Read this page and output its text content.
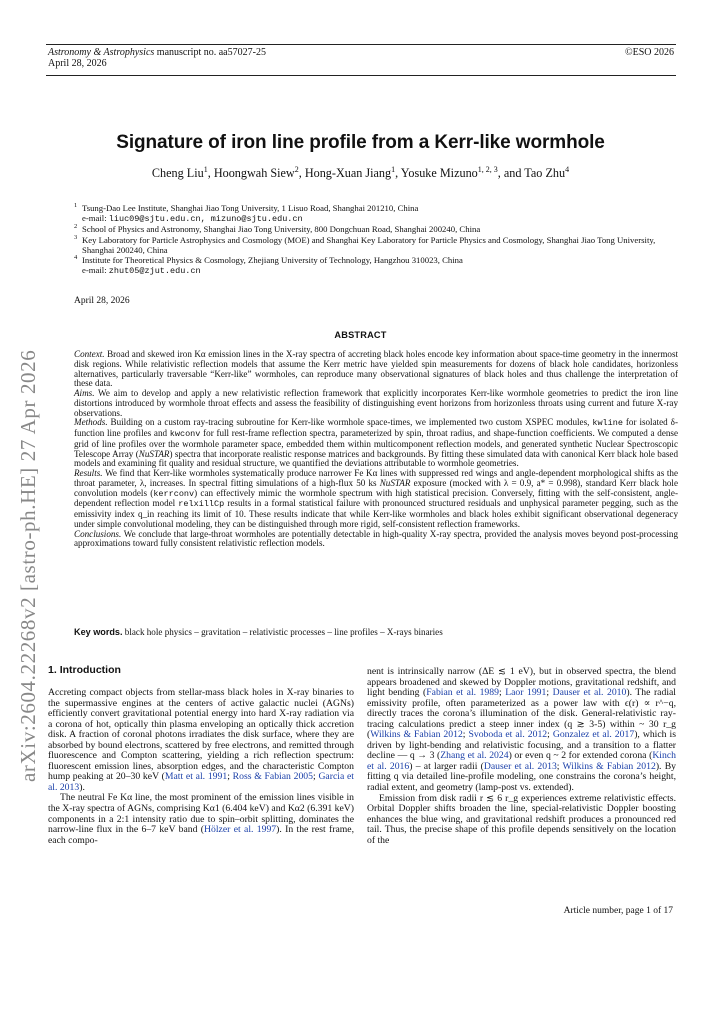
arXiv:2604.22268v2 [astro-ph.HE] 27 Apr 2026
Astronomy & Astrophysics manuscript no. aa57027-25
April 28, 2026
©ESO 2026
Signature of iron line profile from a Kerr-like wormhole
Cheng Liu$^1$, Hoongwah Siew$^2$, Hong-Xuan Jiang$^1$, Yosuke Mizuno$^{1, 2, 3}$, and Tao Zhu$^4$
1 Tsung-Dao Lee Institute, Shanghai Jiao Tong University, 1 Lisuo Road, Shanghai 201210, China
e-mail: liuc09@sjtu.edu.cn, mizuno@sjtu.edu.cn
2 School of Physics and Astronomy, Shanghai Jiao Tong University, 800 Dongchuan Road, Shanghai 200240, China
3 Key Laboratory for Particle Astrophysics and Cosmology (MOE) and Shanghai Key Laboratory for Particle Physics and Cosmology, Shanghai Jiao Tong University, Shanghai 200240, China
4 Institute for Theoretical Physics & Cosmology, Zhejiang University of Technology, Hangzhou 310023, China
e-mail: zhut05@zjut.edu.cn
April 28, 2026
ABSTRACT

Context. Broad and skewed iron Kα emission lines in the X-ray spectra of accreting black holes encode key information about space-time geometry in the innermost disk regions. While relativistic reflection models that assume the Kerr metric have yielded spin measurements for dozens of black hole candidates, horizonless alternatives, particularly traversable “Kerr-like” wormholes, can reproduce many observational signatures of black holes and thus challenge the interpretation of these data.

Aims. We aim to develop and apply a new relativistic reflection framework that explicitly incorporates Kerr-like wormhole geometries to predict the iron line distortions introduced by wormhole throat effects and assess the feasibility of distinguishing event horizons from horizonless throats using current and future X-ray observations.

Methods. Building on a custom ray-tracing subroutine for Kerr-like wormhole space-times, we implemented two custom XSPEC modules, kwline for isolated δ-function line profiles and kwconv for full rest-frame reflection spectra, parameterized by spin, throat radius, and shape-function coefficients. We computed a dense grid of line profiles over the wormhole parameter space, embedded them within multicomponent reflection models, and generated synthetic Nuclear Spectroscopic Telescope Array (NuSTAR) spectra that incorporate realistic response matrices and backgrounds. By fitting these simulated data with canonical Kerr black hole based models and examining fit quality and residual structure, we quantified the deviations attributable to wormhole geometries.

Results. We find that Kerr-like wormholes systematically produce narrower Fe Kα lines with suppressed red wings and angle-dependent morphological shifts as the throat parameter, λ, increases. In spectral fitting simulations of a high-flux 50 ks NuSTAR exposure (mocked with λ = 0.9, a* = 0.998), standard Kerr black hole convolution models (kerrconv) can effectively mimic the wormhole spectrum with high statistical precision. Conversely, fitting with the self-consistent, angle-dependent reflection model relxillCp results in a formal statistical failure with pronounced structured residuals and unphysical parameter pegging, such as the emissivity index q_in reaching its limit of 10. These results indicate that while Kerr-like wormholes and black holes exhibit significant observational degeneracy under simple convolutional modeling, they can be distinguished through more rigid, self-consistent reflection frameworks.

Conclusions. We conclude that large-throat wormholes are potentially detectable in high-quality X-ray spectra, provided the analysis moves beyond post-processing approximations toward fully consistent relativistic reflection models.

Key words. black hole physics – gravitation – relativistic processes – line profiles – X-rays binaries
1. Introduction

Accreting compact objects from stellar-mass black holes in X-ray binaries to the supermassive engines at the centers of active galactic nuclei (AGNs) efficiently convert gravitational potential energy into hard X-ray radiation via a corona of hot, optically thin plasma enveloping an optically thick accretion disk. A fraction of coronal photons irradiates the disk surface, where they are absorbed by bound electrons, scattered by free electrons, and remitted through fluorescence and Compton scattering, yielding a rich reflection spectrum: fluorescent emission lines, absorption edges, and the characteristic Compton hump peaking at 20–30 keV (Matt et al. 1991; Ross & Fabian 2005; Garcia et al. 2013).

The neutral Fe Kα line, the most prominent of the emission lines visible in the X-ray spectra of AGNs, comprising Kα1 (6.404 keV) and Kα2 (6.391 keV) components in a 2:1 intensity ratio due to spin–orbit splitting, dominates the narrow-line flux in the 6–7 keV band (Hölzer et al. 1997). In the rest frame, each compo-

nent is intrinsically narrow (ΔE ≲ 1 eV), but in observed spectra, the blend appears broadened and skewed by Doppler motions, gravitational redshift, and light bending (Fabian et al. 1989; Laor 1991; Dauser et al. 2010). The radial emissivity profile, often parameterized as a power law with ϵ(r) ∝ r^−q, directly traces the corona’s illumination of the disk. General-relativistic ray-tracing calculations predict a steep inner index (q ≳ 3-5) within ~ 30 r_g (Wilkins & Fabian 2012; Svoboda et al. 2012; Gonzalez et al. 2017), which is driven by light-bending and relativistic focusing, and a transition to a flatter decline — q → 3 (Zhang et al. 2024) or even q ~ 2 for extended corona (Kinch et al. 2016) – at larger radii (Dauser et al. 2013; Wilkins & Fabian 2012). By fitting q via detailed line-profile modeling, one constrains the corona’s height, radial extent, and geometry (lamp-post vs. extended).

Emission from disk radii r ≲ 6 r_g experiences extreme relativistic effects. Orbital Doppler shifts broaden the line, special-relativistic Doppler boosting enhances the blue wing, and gravitational redshift produces a pronounced red tail. Thus, the precise shape of this profile depends sensitively on the location of the

Article number, page 1 of 17
